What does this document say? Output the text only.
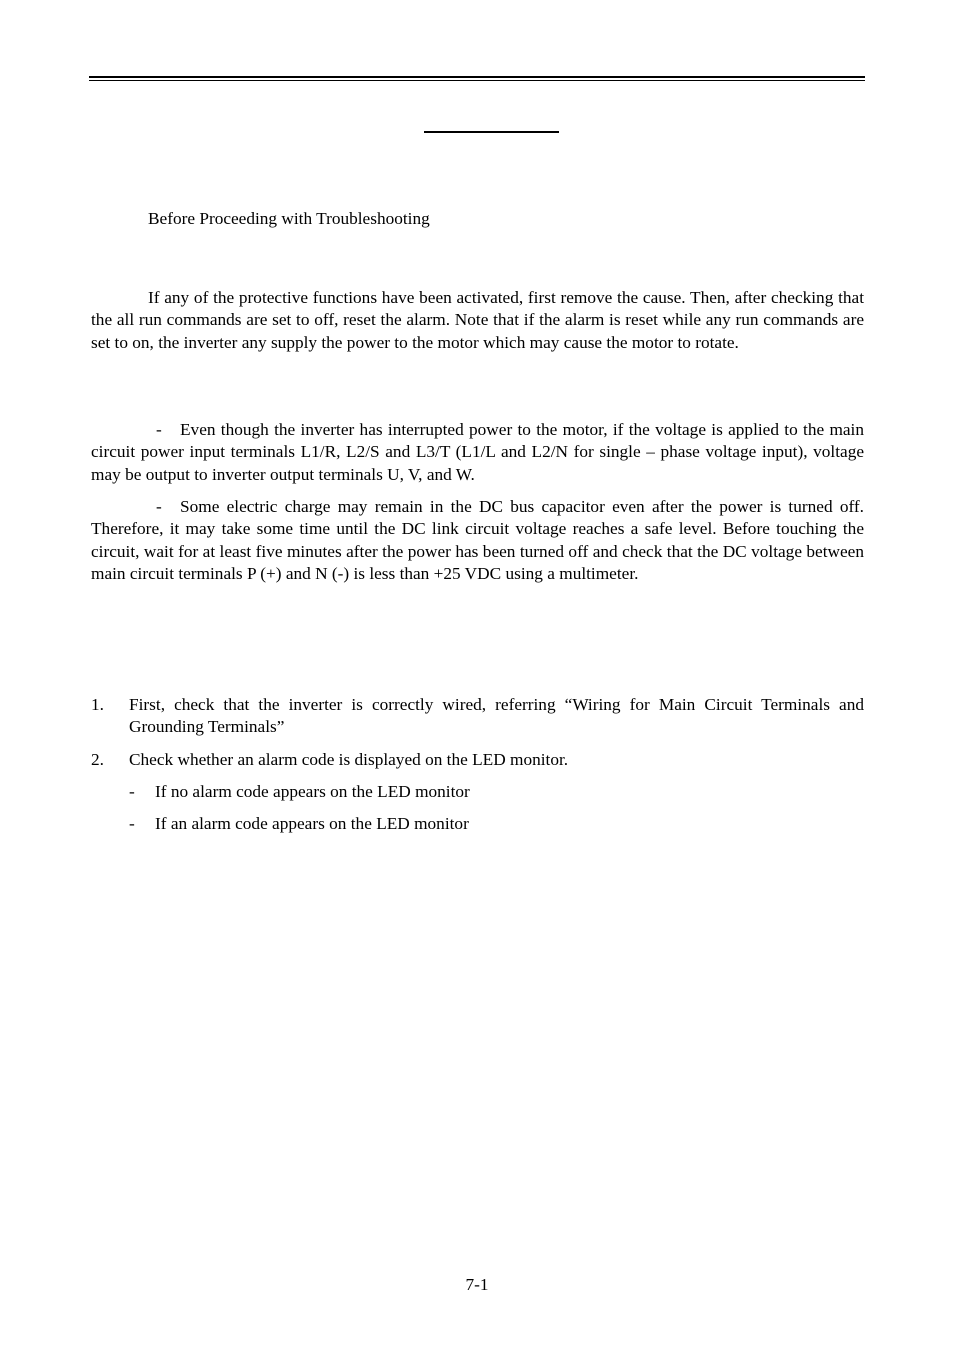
Before Proceeding with Troubleshooting

If any of the protective functions have been activated, first remove the cause. Then, after checking that the all run commands are set to off, reset the alarm. Note that if the alarm is reset while any run commands are set to on, the inverter any supply the power to the motor which may cause the motor to rotate.

- Even though the inverter has interrupted power to the motor, if the voltage is applied to the main circuit power input terminals L1/R, L2/S and L3/T (L1/L and L2/N for single – phase voltage input), voltage may be output to inverter output terminals U, V, and W.

- Some electric charge may remain in the DC bus capacitor even after the power is turned off. Therefore, it may take some time until the DC link circuit voltage reaches a safe level. Before touching the circuit, wait for at least five minutes after the power has been turned off and check that the DC voltage between main circuit terminals P (+) and N (-) is less than +25 VDC using a multimeter.

1. First, check that the inverter is correctly wired, referring “Wiring for Main Circuit Terminals and Grounding Terminals”
2. Check whether an alarm code is displayed on the LED monitor.

- If no alarm code appears on the LED monitor

- If an alarm code appears on the LED monitor

7-1
